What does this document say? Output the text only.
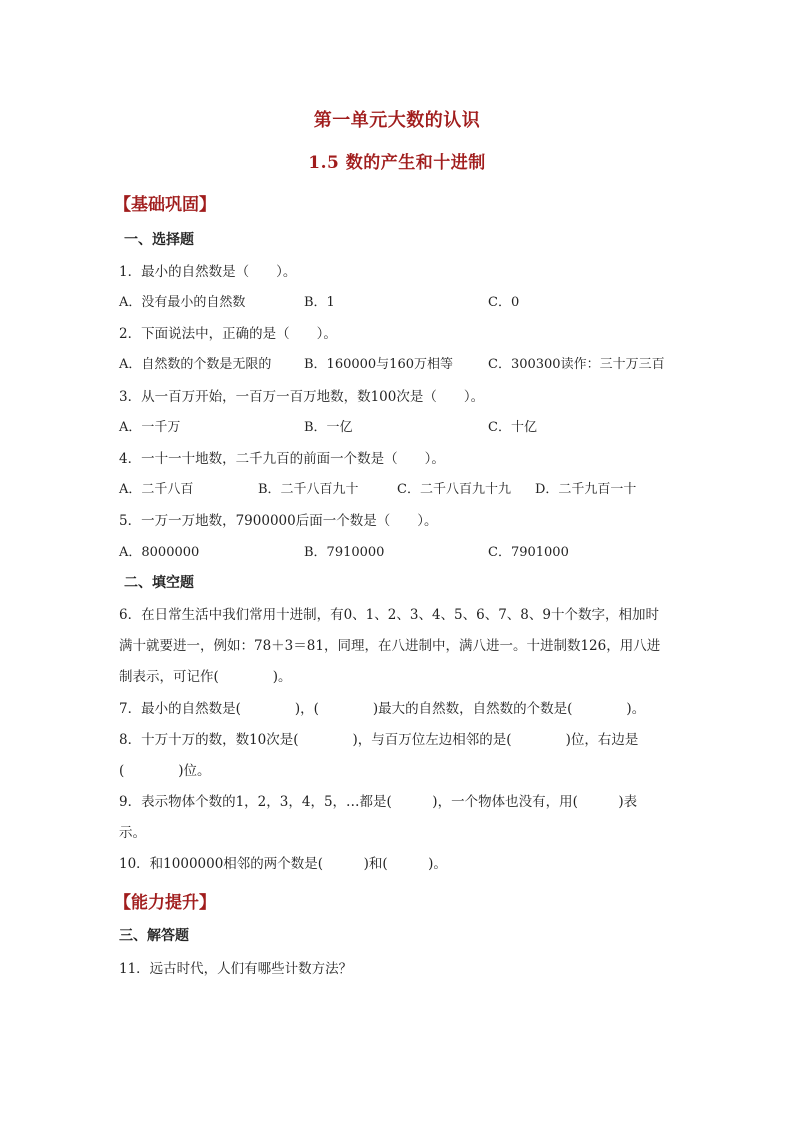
第一单元大数的认识
1.5 数的产生和十进制
【基础巩固】
一、选择题
1．最小的自然数是（　　）。
A．没有最小的自然数	B．1	C．0
2．下面说法中，正确的是（　　）。
A．自然数的个数是无限的	B．160000与160万相等	C．300300读作：三十万三百
3．从一百万开始，一百万一百万地数，数100次是（　　）。
A．一千万	B．一亿	C．十亿
4．一十一十地数，二千九百的前面一个数是（　　）。
A．二千八百	B．二千八百九十	C．二千八百九十九 D．二千九百一十
5．一万一万地数，7900000后面一个数是（　　）。
A．8000000	B．7910000	C．7901000
二、填空题
6．在日常生活中我们常用十进制，有0、1、2、3、4、5、6、7、8、9十个数字，相加时
满十就要进一，例如：78＋3＝81，同理，在八进制中，满八进一。十进制数126，用八进
制表示，可记作(　　　　)。
7．最小的自然数是(　　　　)，(　　　　)最大的自然数，自然数的个数是(　　　　)。
8．十万十万的数，数10次是(　　　　)，与百万位左边相邻的是(　　　　)位，右边是
(　　　　)位。
9．表示物体个数的1，2，3，4，5，…都是(　　　)，一个物体也没有，用(　　　)表
示。
10．和1000000相邻的两个数是(　　　)和(　　　)。
【能力提升】
三、解答题
11．远古时代，人们有哪些计数方法？
